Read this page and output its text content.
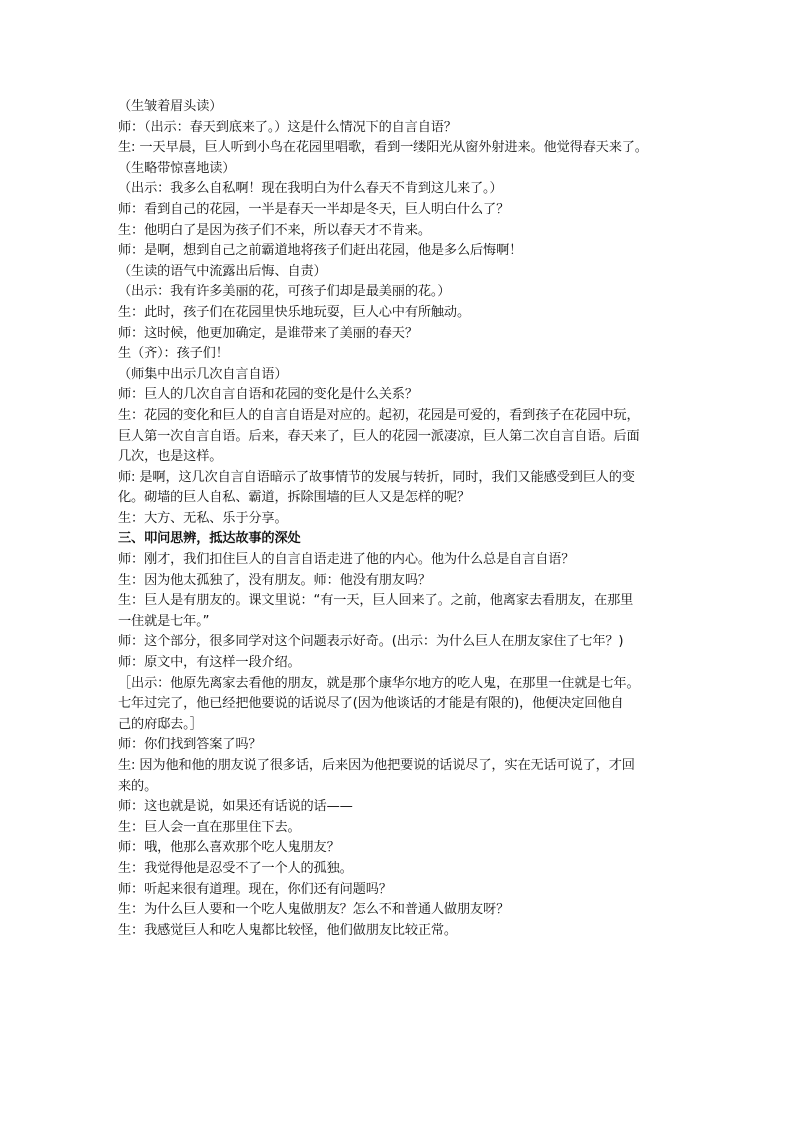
（生皱着眉头读）
师：（出示：春天到底来了。）这是什么情况下的自言自语？
生: 一天早晨，巨人听到小鸟在花园里唱歌，看到一缕阳光从窗外射进来。他觉得春天来了。
（生略带惊喜地读）
（出示：我多么自私啊！现在我明白为什么春天不肯到这儿来了。）
师：看到自己的花园，一半是春天一半却是冬天，巨人明白什么了？
生：他明白了是因为孩子们不来，所以春天才不肯来。
师：是啊，想到自己之前霸道地将孩子们赶出花园，他是多么后悔啊！
（生读的语气中流露出后悔、自责）
（出示：我有许多美丽的花，可孩子们却是最美丽的花。）
生：此时，孩子们在花园里快乐地玩耍，巨人心中有所触动。
师：这时候，他更加确定，是谁带来了美丽的春天？
生（齐）：孩子们！
（师集中出示几次自言自语）
师：巨人的几次自言自语和花园的变化是什么关系？
生：花园的变化和巨人的自言自语是对应的。起初，花园是可爱的，看到孩子在花园中玩，
巨人第一次自言自语。后来，春天来了，巨人的花园一派凄凉，巨人第二次自言自语。后面
几次，也是这样。
师: 是啊，这几次自言自语暗示了故事情节的发展与转折，同时，我们又能感受到巨人的变
化。砌墙的巨人自私、霸道，拆除围墙的巨人又是怎样的呢？
生：大方、无私、乐于分享。
三、叩问思辨，抵达故事的深处
师：刚才，我们扣住巨人的自言自语走进了他的内心。他为什么总是自言自语？
生：因为他太孤独了，没有朋友。师：他没有朋友吗？
生：巨人是有朋友的。课文里说：“有一天，巨人回来了。之前，他离家去看朋友，在那里
一住就是七年。”
师：这个部分，很多同学对这个问题表示好奇。(出示：为什么巨人在朋友家住了七年？)
师：原文中，有这样一段介绍。
［出示：他原先离家去看他的朋友，就是那个康华尔地方的吃人鬼，在那里一住就是七年。
七年过完了，他已经把他要说的话说尽了(因为他谈话的才能是有限的)，他便决定回他自
己的府邸去。］
师：你们找到答案了吗？
生: 因为他和他的朋友说了很多话，后来因为他把要说的话说尽了，实在无话可说了，才回
来的。
师：这也就是说，如果还有话说的话——
生：巨人会一直在那里住下去。
师：哦，他那么喜欢那个吃人鬼朋友？
生：我觉得他是忍受不了一个人的孤独。
师：听起来很有道理。现在，你们还有问题吗？
生：为什么巨人要和一个吃人鬼做朋友？怎么不和普通人做朋友呀？
生：我感觉巨人和吃人鬼都比较怪，他们做朋友比较正常。
